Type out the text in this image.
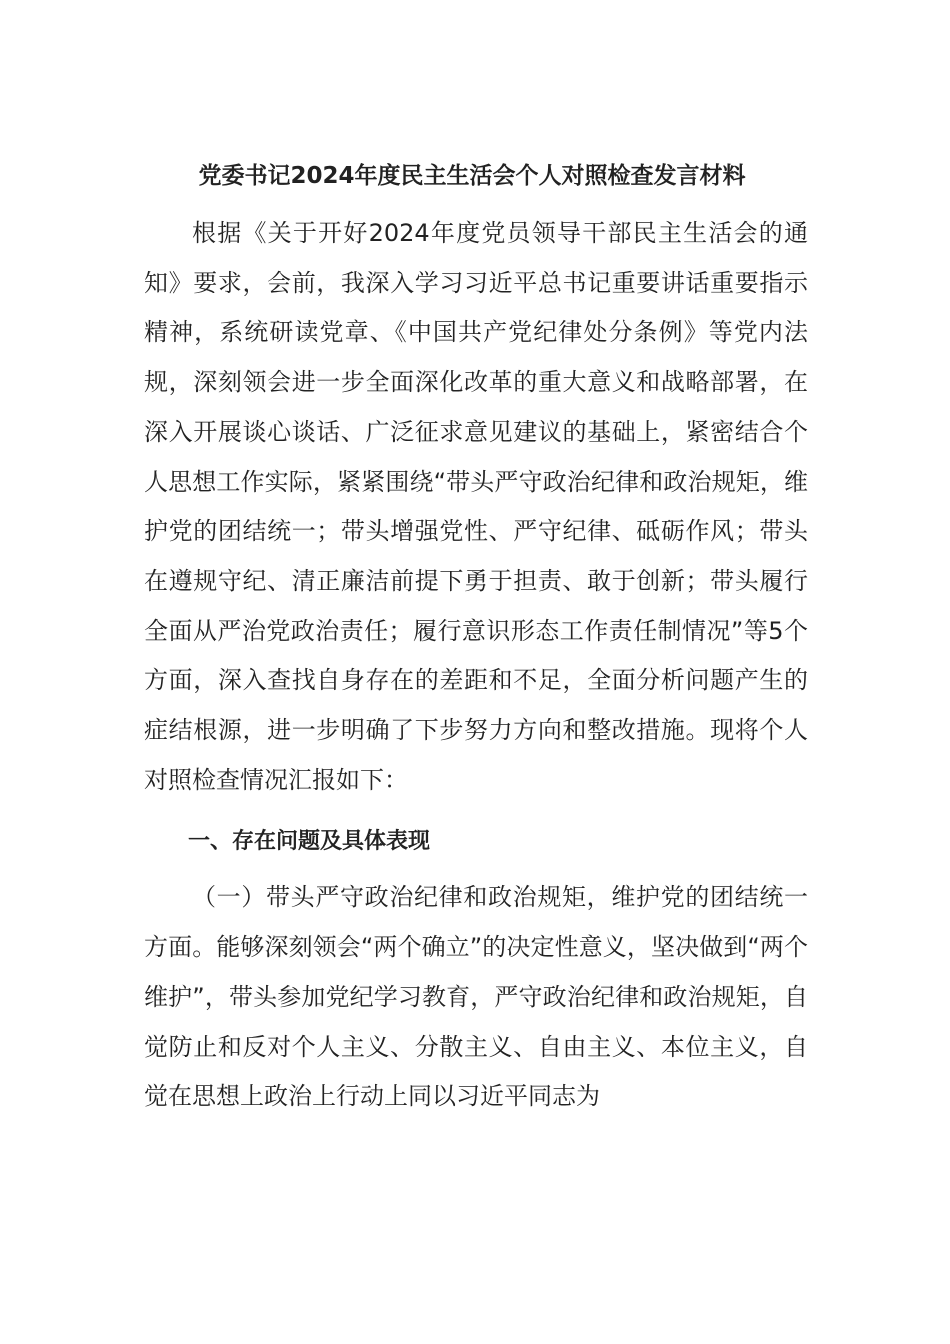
党委书记2024年度民主生活会个人对照检查发言材料

根据《关于开好2024年度党员领导干部民主生活会的通知》要求，会前，我深入学习习近平总书记重要讲话重要指示精神，系统研读党章、《中国共产党纪律处分条例》等党内法规，深刻领会进一步全面深化改革的重大意义和战略部署，在深入开展谈心谈话、广泛征求意见建议的基础上，紧密结合个人思想工作实际，紧紧围绕“带头严守政治纪律和政治规矩，维护党的团结统一；带头增强党性、严守纪律、砥砺作风；带头在遵规守纪、清正廉洁前提下勇于担责、敢于创新；带头履行全面从严治党政治责任；履行意识形态工作责任制情况”等5个方面，深入查找自身存在的差距和不足，全面分析问题产生的症结根源，进一步明确了下步努力方向和整改措施。现将个人对照检查情况汇报如下：

一、存在问题及具体表现

（一）带头严守政治纪律和政治规矩，维护党的团结统一方面。能够深刻领会“两个确立”的决定性意义，坚决做到“两个维护”，带头参加党纪学习教育，严守政治纪律和政治规矩，自觉防止和反对个人主义、分散主义、自由主义、本位主义，自觉在思想上政治上行动上同以习近平同志为
